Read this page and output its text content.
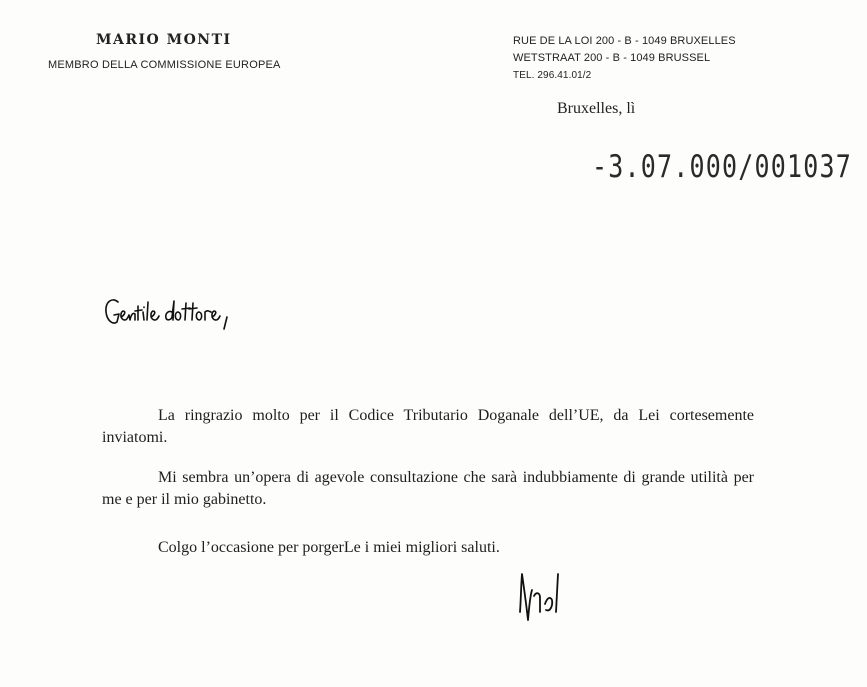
MARIO MONTI
MEMBRO DELLA COMMISSIONE EUROPEA
RUE DE LA LOI 200 - B - 1049 BRUXELLES
WETSTRAAT 200 - B - 1049 BRUSSEL
TEL. 296.41.01/2
Bruxelles, lì
-3.07.000/001037

La ringrazio molto per il Codice Tributario Doganale dell’UE, da Lei cortesemente inviatomi.

Mi sembra un’opera di agevole consultazione che sarà indubbiamente di grande utilità per me e per il mio gabinetto.

Colgo l’occasione per porgerLe i miei migliori saluti.
